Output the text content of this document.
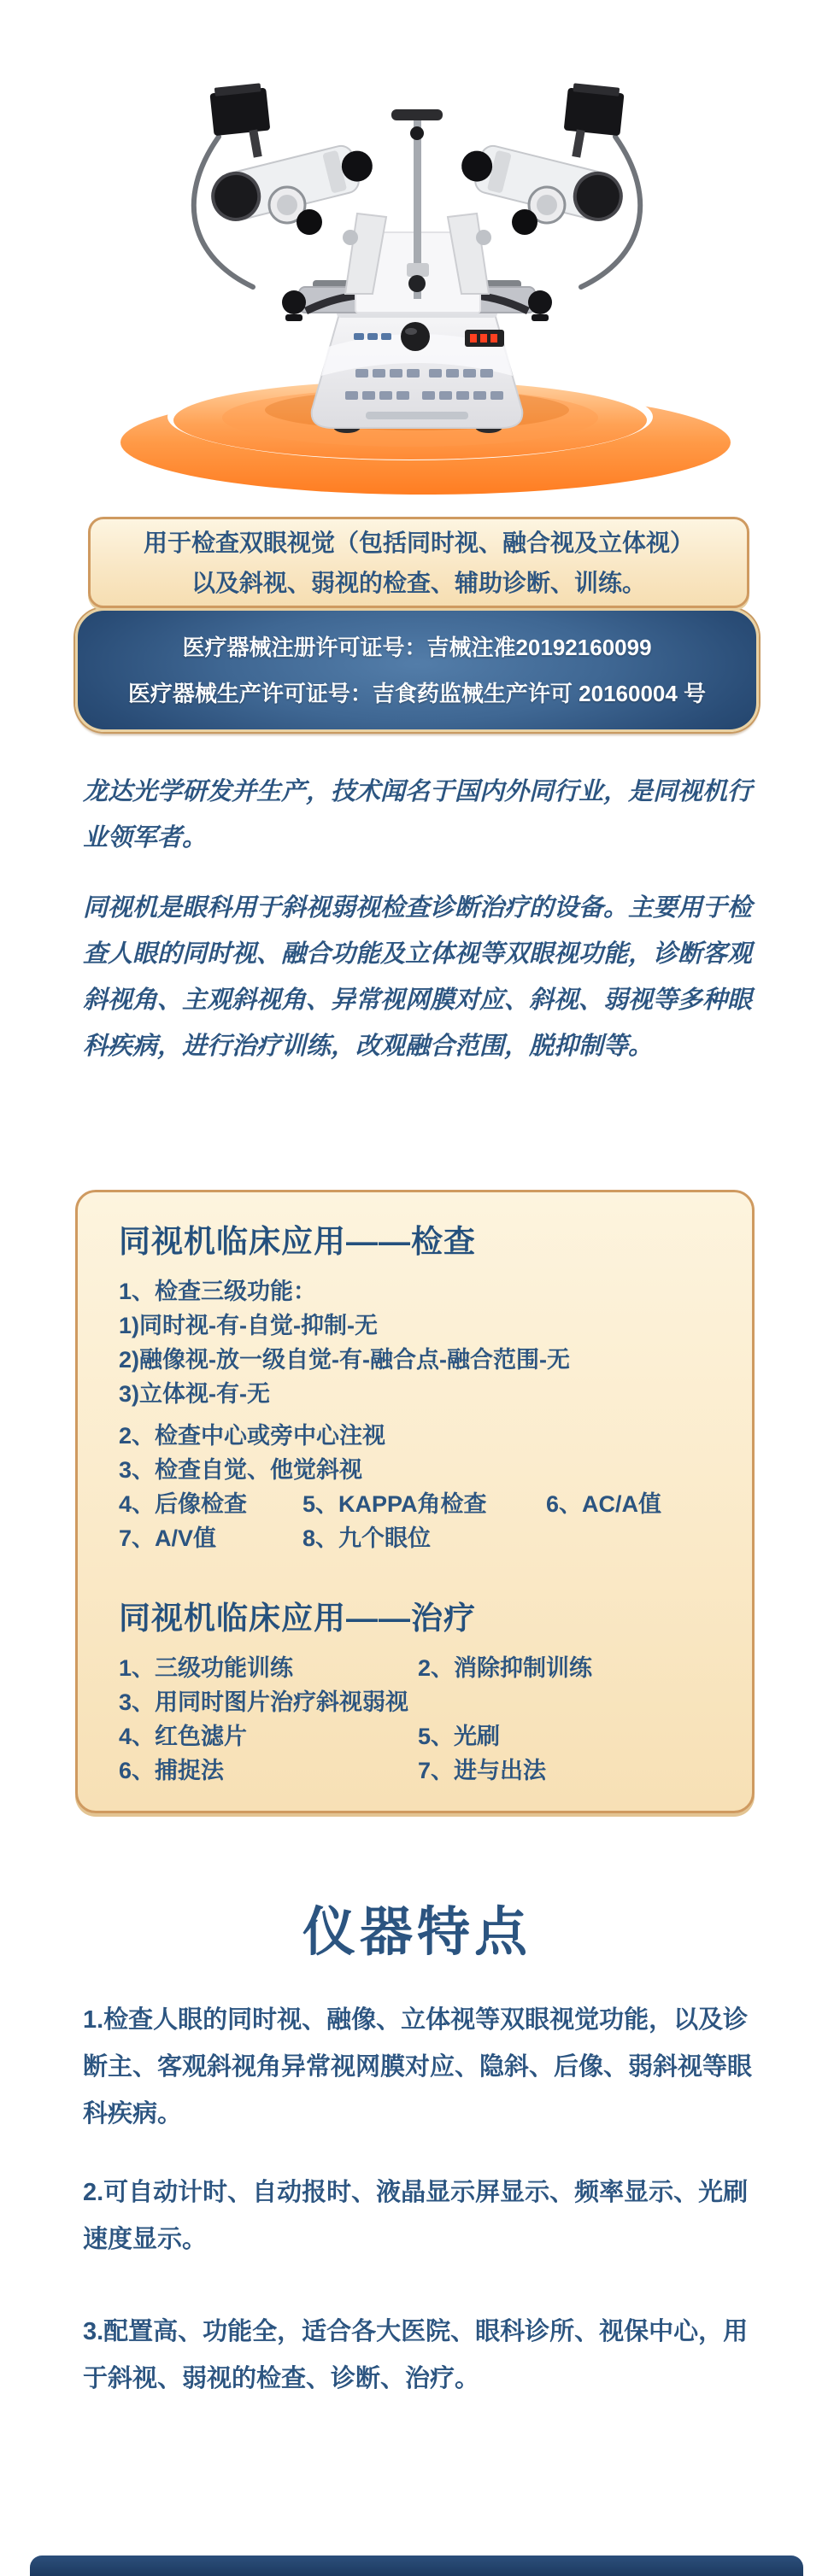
用于检查双眼视觉（包括同时视、融合视及立体视）
以及斜视、弱视的检查、辅助诊断、训练。
医疗器械注册许可证号：吉械注准20192160099
医疗器械生产许可证号：吉食药监械生产许可 20160004 号
龙达光学研发并生产，技术闻名于国内外同行业，是同视机行业领军者。
同视机是眼科用于斜视弱视检查诊断治疗的设备。主要用于检查人眼的同时视、融合功能及立体视等双眼视功能，诊断客观斜视角、主观斜视角、异常视网膜对应、斜视、弱视等多种眼科疾病，进行治疗训练，改观融合范围，脱抑制等。
同视机临床应用——检查
1、检查三级功能：
1)同时视-有-自觉-抑制-无
2)融像视-放一级自觉-有-融合点-融合范围-无
3)立体视-有-无
2、检查中心或旁中心注视
3、检查自觉、他觉斜视
4、后像检查 5、KAPPA角检查	6、AC/A值
7、A/V值	8、九个眼位
同视机临床应用——治疗
1、三级功能训练	2、消除抑制训练
3、用同时图片治疗斜视弱视
4、红色滤片	5、光刷
6、捕捉法	7、进与出法
仪器特点
1.检查人眼的同时视、融像、立体视等双眼视觉功能，以及诊断主、客观斜视角异常视网膜对应、隐斜、后像、弱斜视等眼科疾病。
2.可自动计时、自动报时、液晶显示屏显示、频率显示、光刷速度显示。
3.配置高、功能全，适合各大医院、眼科诊所、视保中心，用于斜视、弱视的检查、诊断、治疗。
